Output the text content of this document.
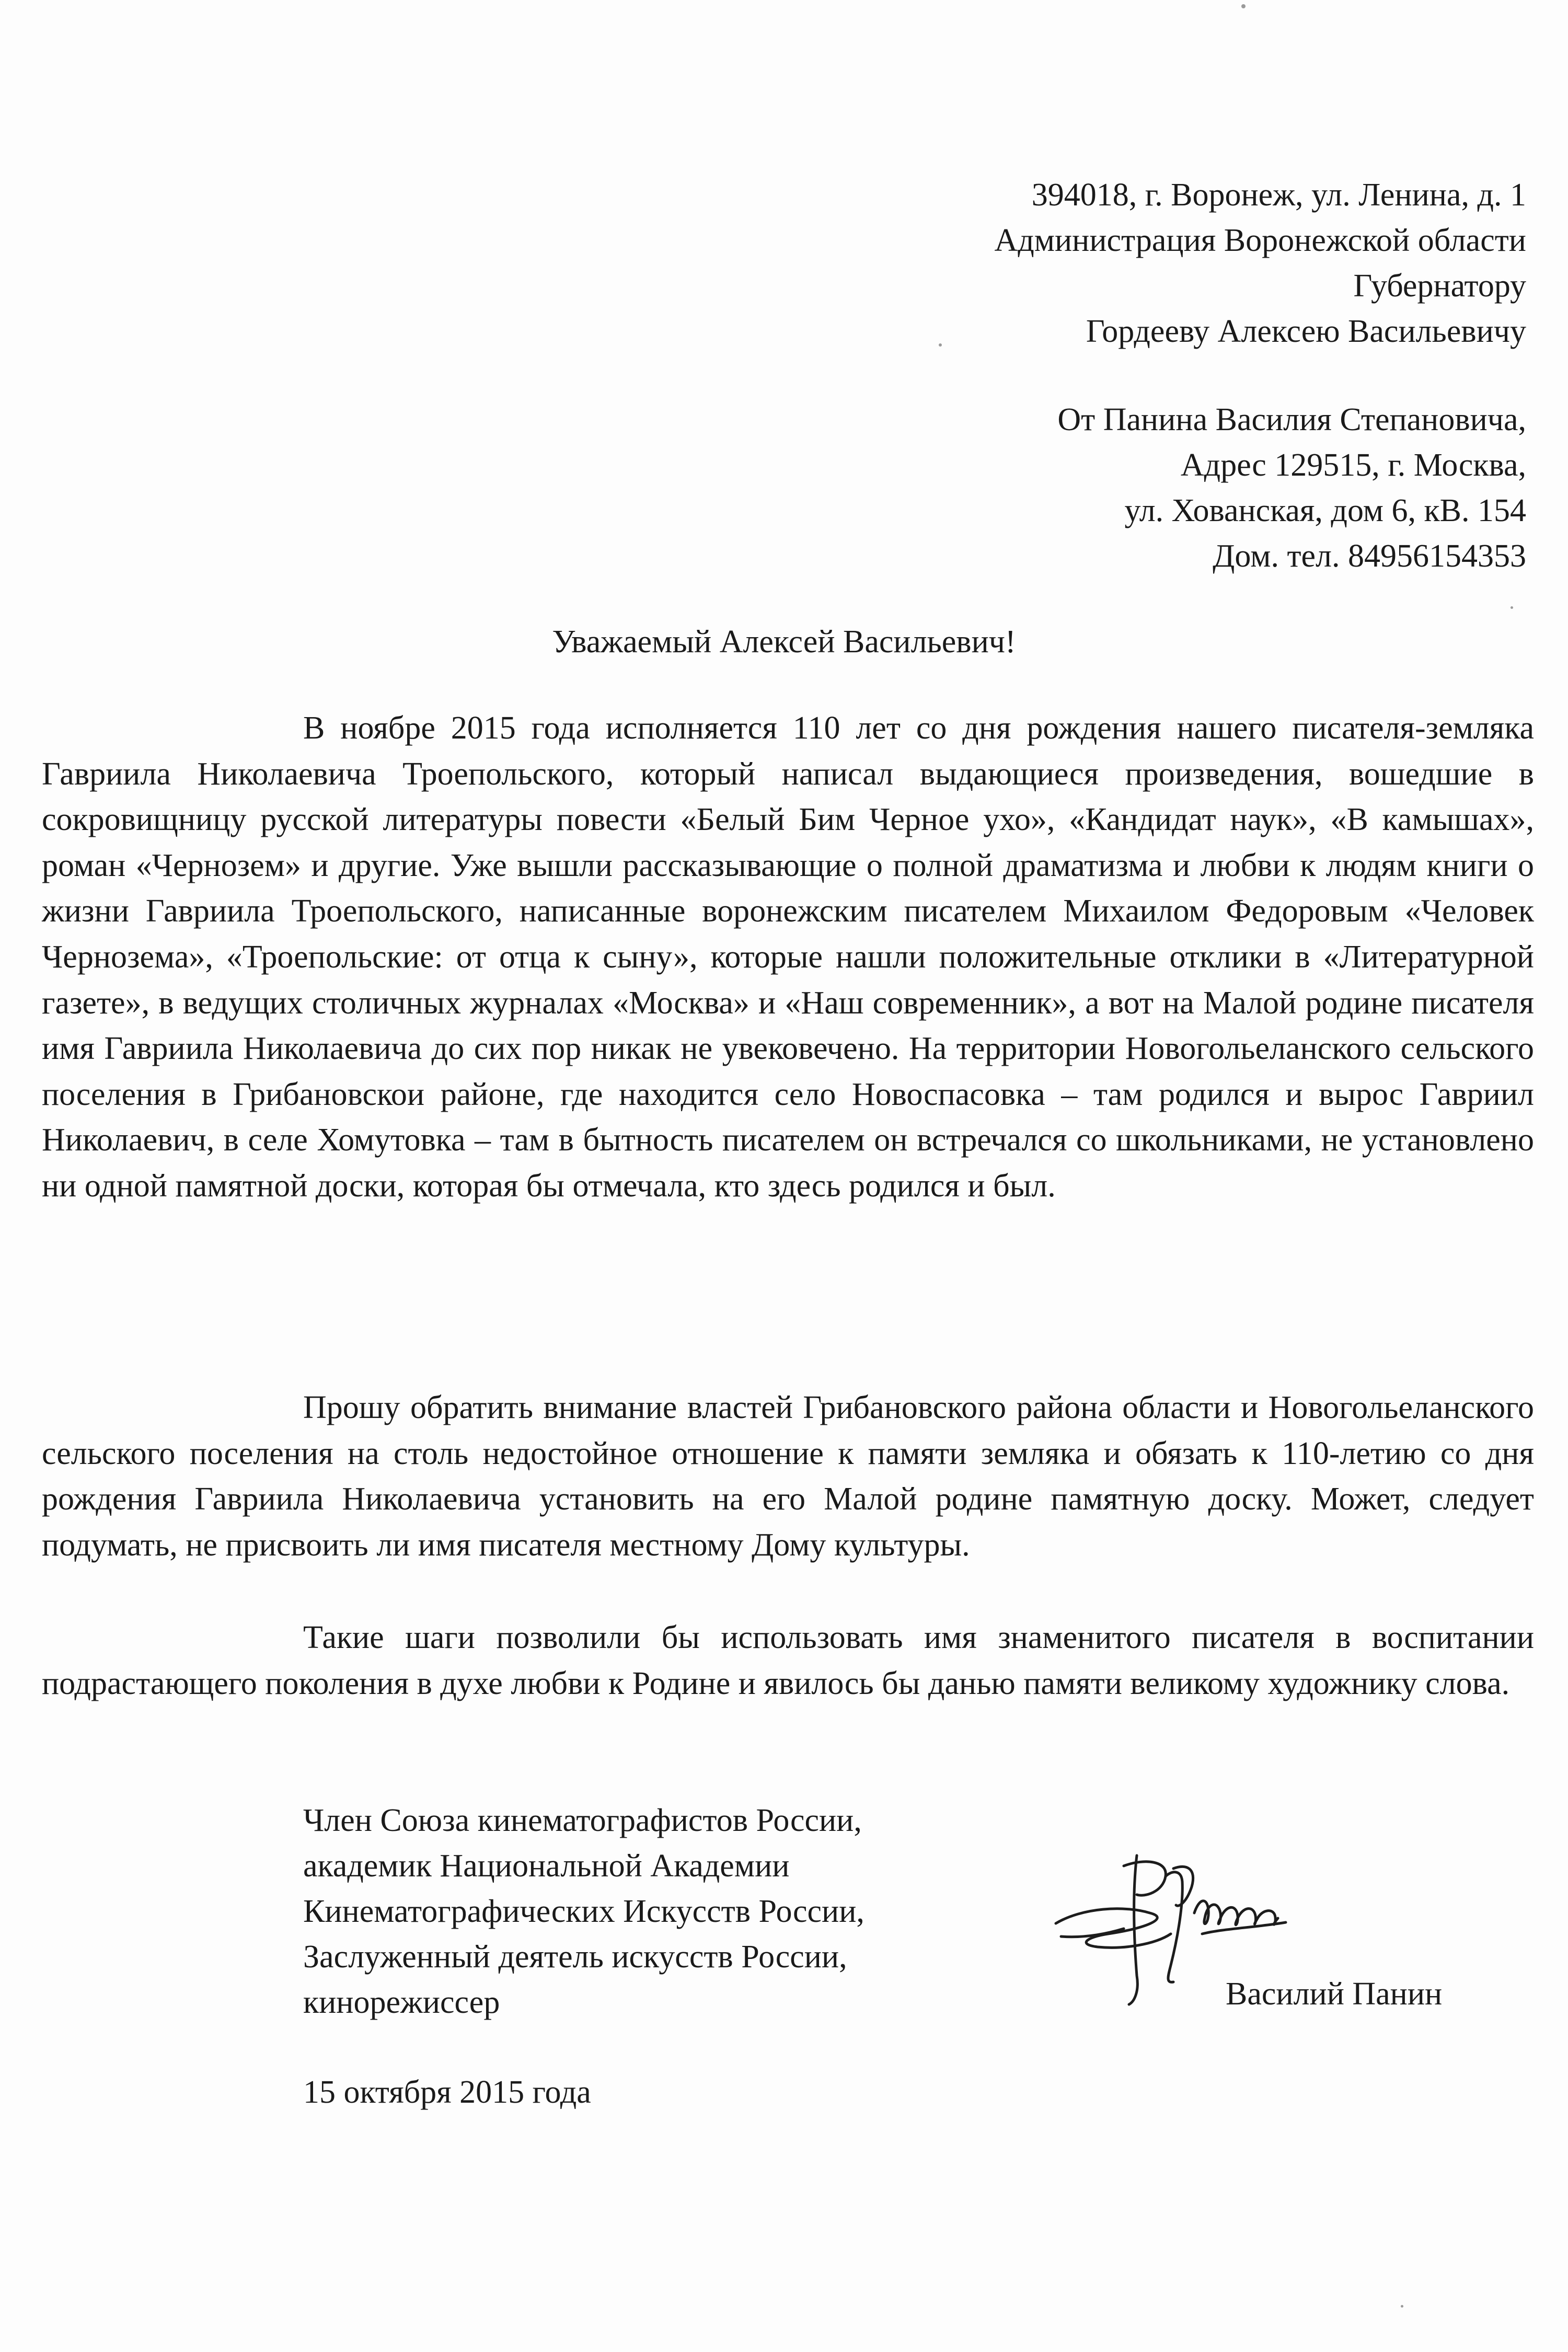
394018, г. Воронеж, ул. Ленина, д. 1
Администрация Воронежской области
Губернатору
Гордееву Алексею Васильевичу
От Панина Василия Степановича,
Адрес 129515, г. Москва,
ул. Хованская, дом 6, кВ. 154
Дом. тел. 84956154353
Уважаемый Алексей Васильевич!
В ноябре 2015 года исполняется 110 лет со дня рождения нашего писателя-земляка Гавриила Николаевича Троепольского, который написал выдающиеся произведения, вошедшие в сокровищницу русской литературы повести «Белый Бим Черное ухо», «Кандидат наук», «В камышах», роман «Чернозем» и другие. Уже вышли рассказывающие о полной драматизма и любви к людям книги о жизни Гавриила Троепольского, написанные воронежским писателем Михаилом Федоровым «Человек Чернозема», «Троепольские: от отца к сыну», которые нашли положительные отклики в «Литературной газете», в ведущих столичных журналах «Москва» и «Наш современник», а вот на Малой родине писателя имя Гавриила Николаевича до сих пор никак не увековечено. На территории Новогольеланского сельского поселения в Грибановскои районе, где находится село Новоспасовка – там родился и вырос Гавриил Николаевич, в селе Хомутовка – там в бытность писателем он встречался со школьниками, не установлено ни одной памятной доски, которая бы отмечала, кто здесь родился и был.
Прошу обратить внимание властей Грибановского района области и Новогольеланского сельского поселения на столь недостойное отношение к памяти земляка и обязать к 110-летию со дня рождения Гавриила Николаевича установить на его Малой родине памятную доску. Может, следует подумать, не присвоить ли имя писателя местному Дому культуры.
Такие шаги позволили бы использовать имя знаменитого писателя в воспитании подрастающего поколения в духе любви к Родине и явилось бы данью памяти великому художнику слова.
Член Союза кинематографистов России,
академик Национальной Академии
Кинематографических Искусств России,
Заслуженный деятель искусств России,
кинорежиссер	Василий Панин
15 октября 2015 года
